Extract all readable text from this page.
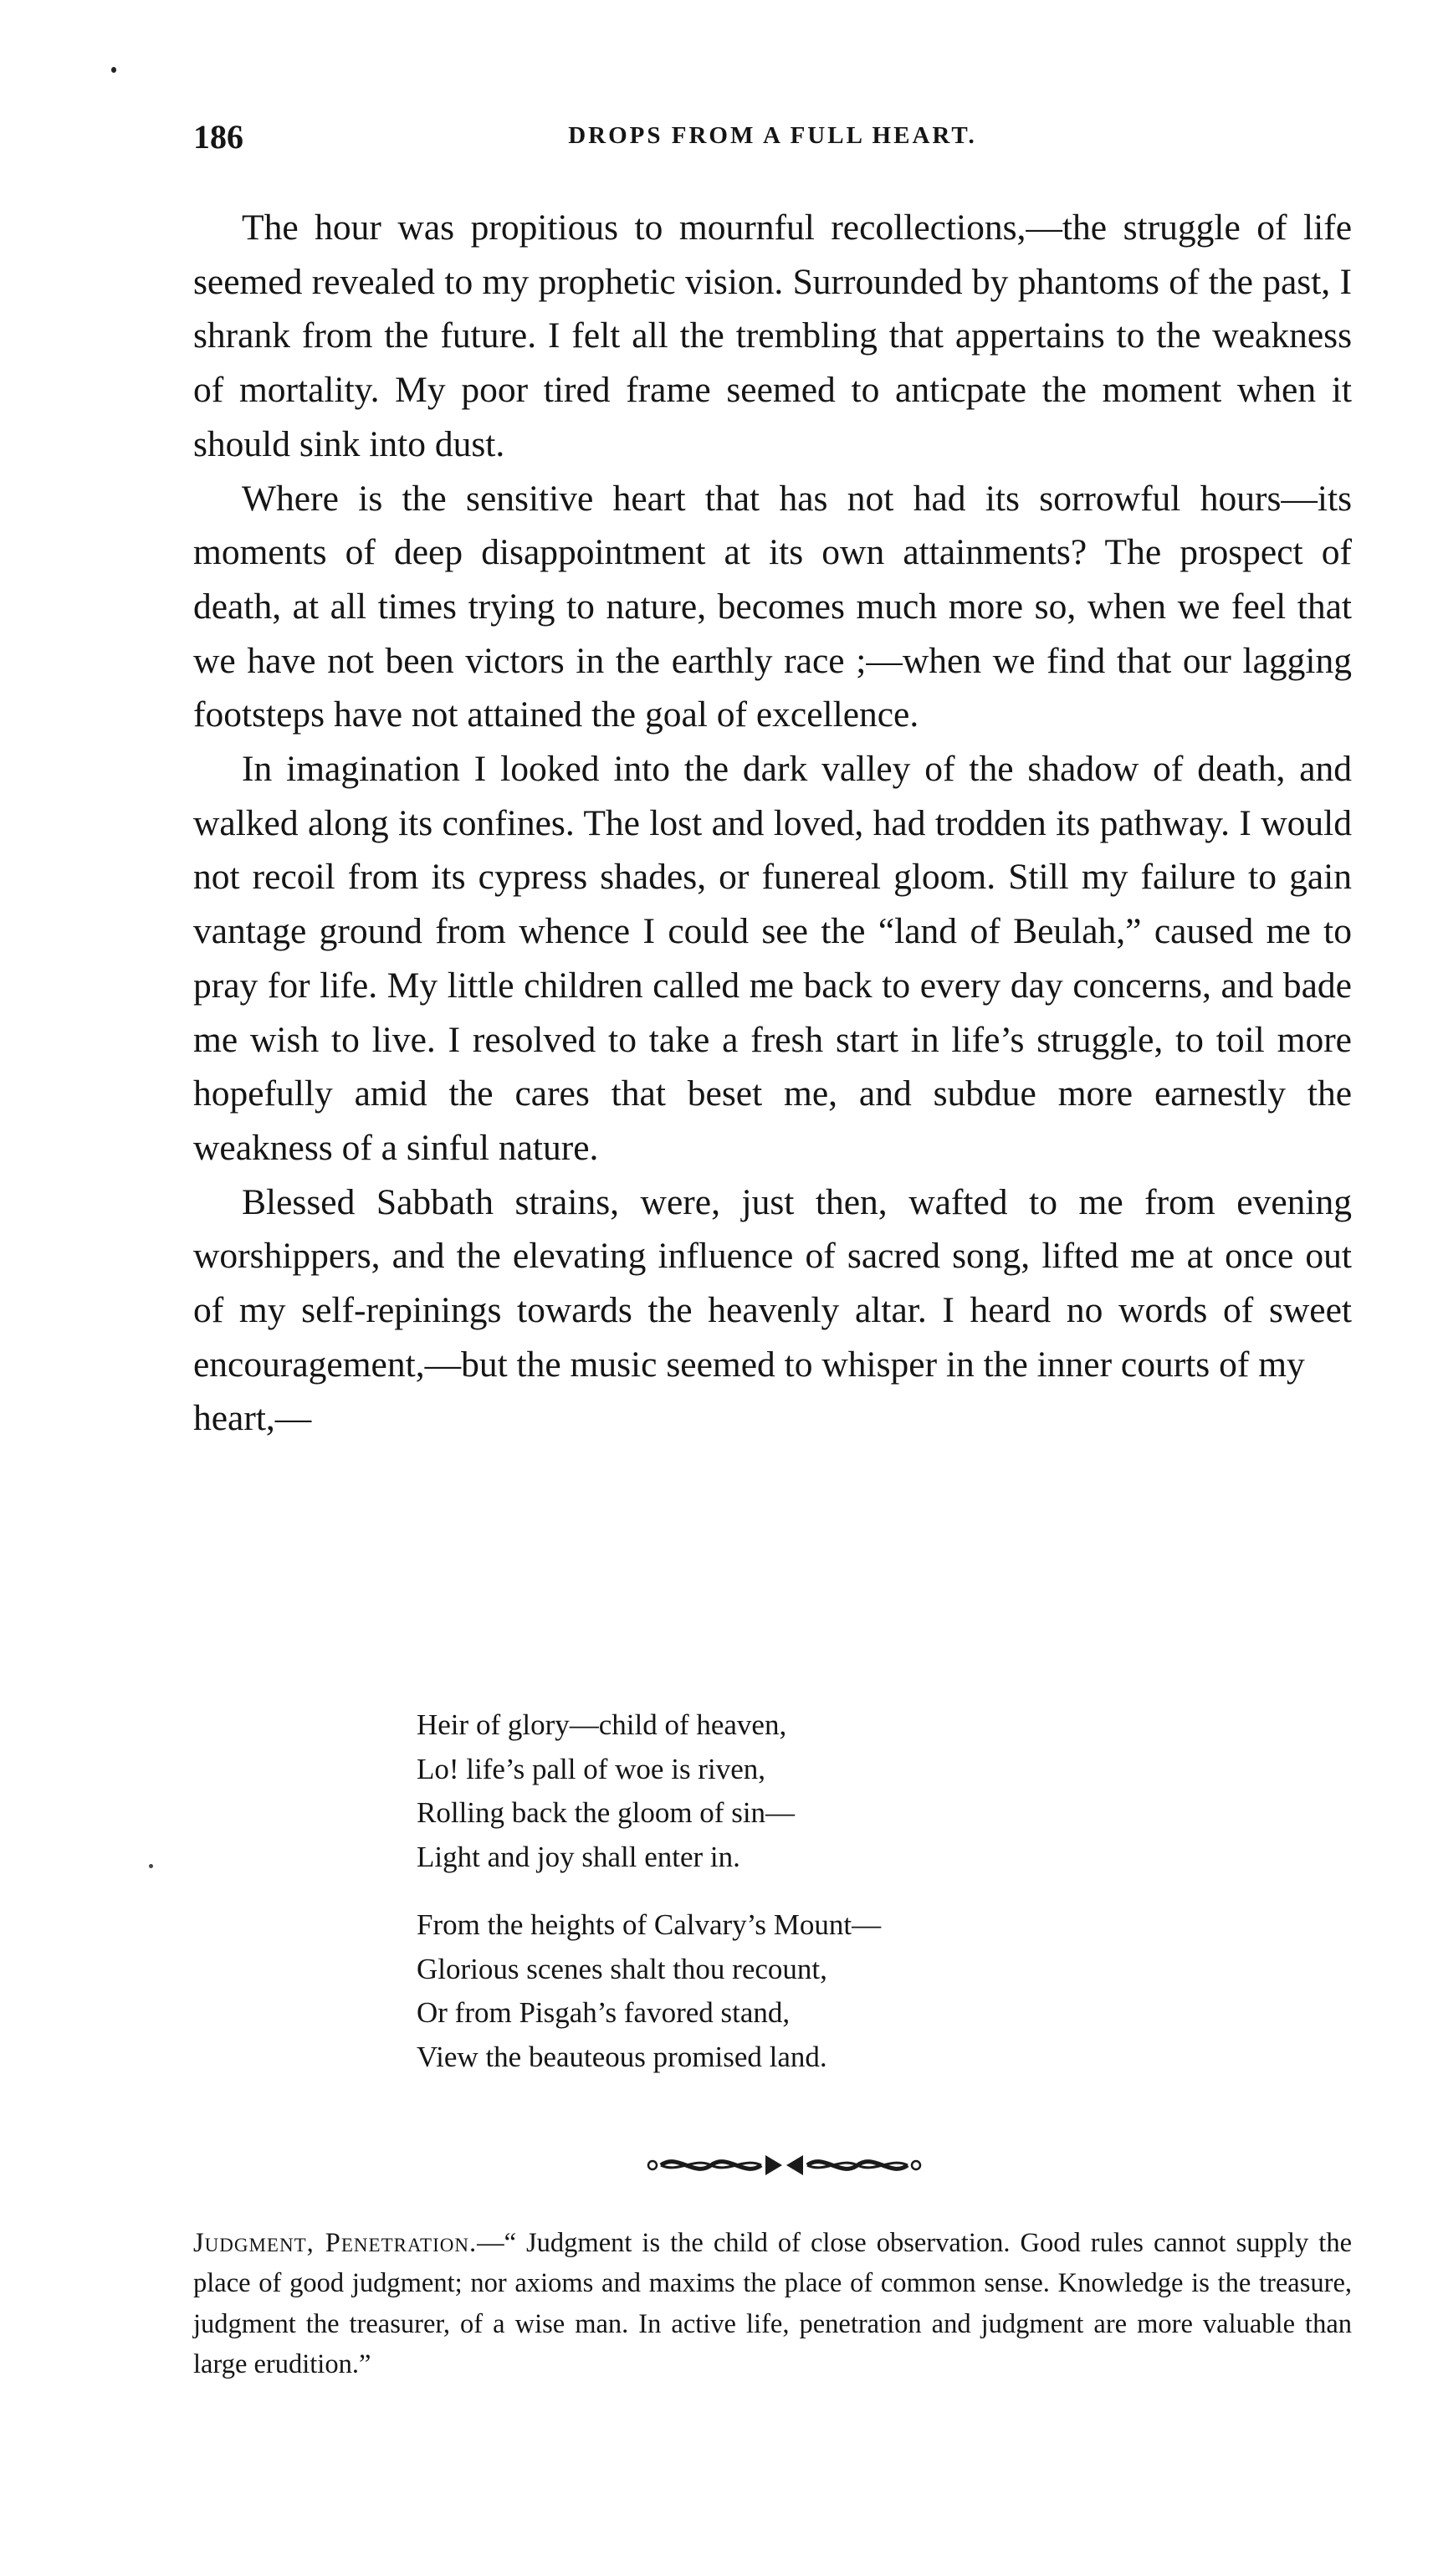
186	DROPS FROM A FULL HEART.

The hour was propitious to mournful recollections,—the struggle of life seemed revealed to my prophetic vision. Surrounded by phantoms of the past, I shrank from the future. I felt all the trembling that appertains to the weakness of mortality. My poor tired frame seemed to anticpate the moment when it should sink into dust.

Where is the sensitive heart that has not had its sorrowful hours—its moments of deep disappointment at its own attainments? The prospect of death, at all times trying to nature, becomes much more so, when we feel that we have not been victors in the earthly race ;—when we find that our lagging footsteps have not attained the goal of excellence.

In imagination I looked into the dark valley of the shadow of death, and walked along its confines. The lost and loved, had trodden its pathway. I would not recoil from its cypress shades, or funereal gloom. Still my failure to gain vantage ground from whence I could see the “land of Beulah,” caused me to pray for life. My little children called me back to every day concerns, and bade me wish to live. I resolved to take a fresh start in life’s struggle, to toil more hopefully amid the cares that beset me, and subdue more earnestly the weakness of a sinful nature.

Blessed Sabbath strains, were, just then, wafted to me from evening worshippers, and the elevating influence of sacred song, lifted me at once out of my self-repinings towards the heavenly altar. I heard no words of sweet encouragement,—but the music seemed to whisper in the inner courts of my

heart,—

Heir of glory—child of heaven,
Lo! life’s pall of woe is riven,
Rolling back the gloom of sin—
Light and joy shall enter in.
From the heights of Calvary’s Mount—
Glorious scenes shalt thou recount,
Or from Pisgah’s favored stand,
View the beauteous promised land.

Judgment, Penetration.—“ Judgment is the child of close observation. Good rules cannot supply the place of good judgment; nor axioms and maxims the place of common sense. Knowledge is the treasure, judgment the treasurer, of a wise man. In active life, penetration and judgment are more valuable than large erudition.”
